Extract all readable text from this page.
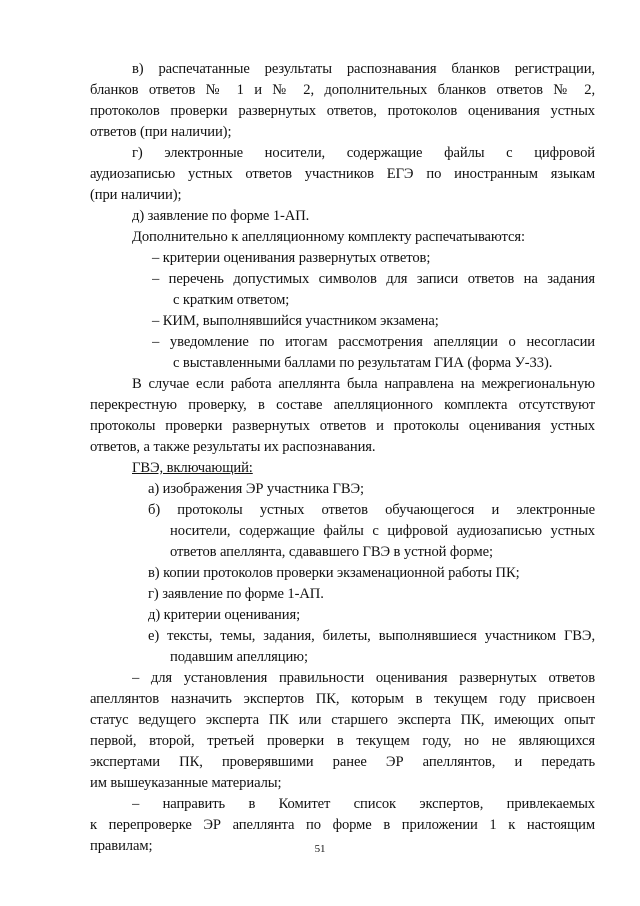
в) распечатанные результаты распознавания бланков регистрации,
бланков ответов № 1 и № 2, дополнительных бланков ответов № 2,
протоколов проверки развернутых ответов, протоколов оценивания устных
ответов (при наличии);
г) электронные носители, содержащие файлы с цифровой
аудиозаписью устных ответов участников ЕГЭ по иностранным языкам
(при наличии);
д) заявление по форме 1-АП.
Дополнительно к апелляционному комплекту распечатываются:
– критерии оценивания развернутых ответов;
– перечень допустимых символов для записи ответов на задания
с кратким ответом;
– КИМ, выполнявшийся участником экзамена;
– уведомление по итогам рассмотрения апелляции о несогласии
с выставленными баллами по результатам ГИА (форма У-33).
В случае если работа апеллянта была направлена на межрегиональную
перекрестную проверку, в составе апелляционного комплекта отсутствуют
протоколы проверки развернутых ответов и протоколы оценивания устных
ответов, а также результаты их распознавания.
ГВЭ, включающий:
а) изображения ЭР участника ГВЭ;
б) протоколы устных ответов обучающегося и электронные
носители, содержащие файлы с цифровой аудиозаписью устных
ответов апеллянта, сдававшего ГВЭ в устной форме;
в) копии протоколов проверки экзаменационной работы ПК;
г) заявление по форме 1-АП.
д) критерии оценивания;
е) тексты, темы, задания, билеты, выполнявшиеся участником ГВЭ,
подавшим апелляцию;
– для установления правильности оценивания развернутых ответов
апеллянтов назначить экспертов ПК, которым в текущем году присвоен
статус ведущего эксперта ПК или старшего эксперта ПК, имеющих опыт
первой, второй, третьей проверки в текущем году, но не являющихся
экспертами ПК, проверявшими ранее ЭР апеллянтов, и передать
им вышеуказанные материалы;
– направить в Комитет список экспертов, привлекаемых
к перепроверке ЭР апеллянта по форме в приложении 1 к настоящим
правилам;	51
